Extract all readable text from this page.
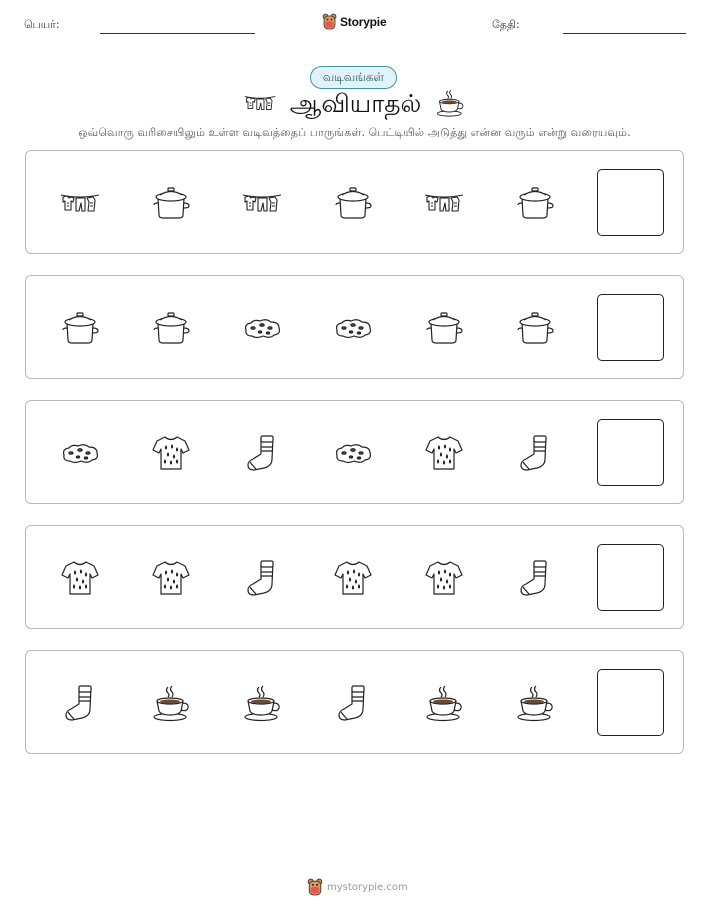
பெயர்:	Storypie	தேதி:
வடிவங்கள்
ஆவியாதல்
ஒவ்வொரு வரிசையிலும் உள்ள வடிவத்தைப் பாருங்கள். பெட்டியில் அடுத்து என்ன வரும் என்று வரையவும்.
mystorypie.com
